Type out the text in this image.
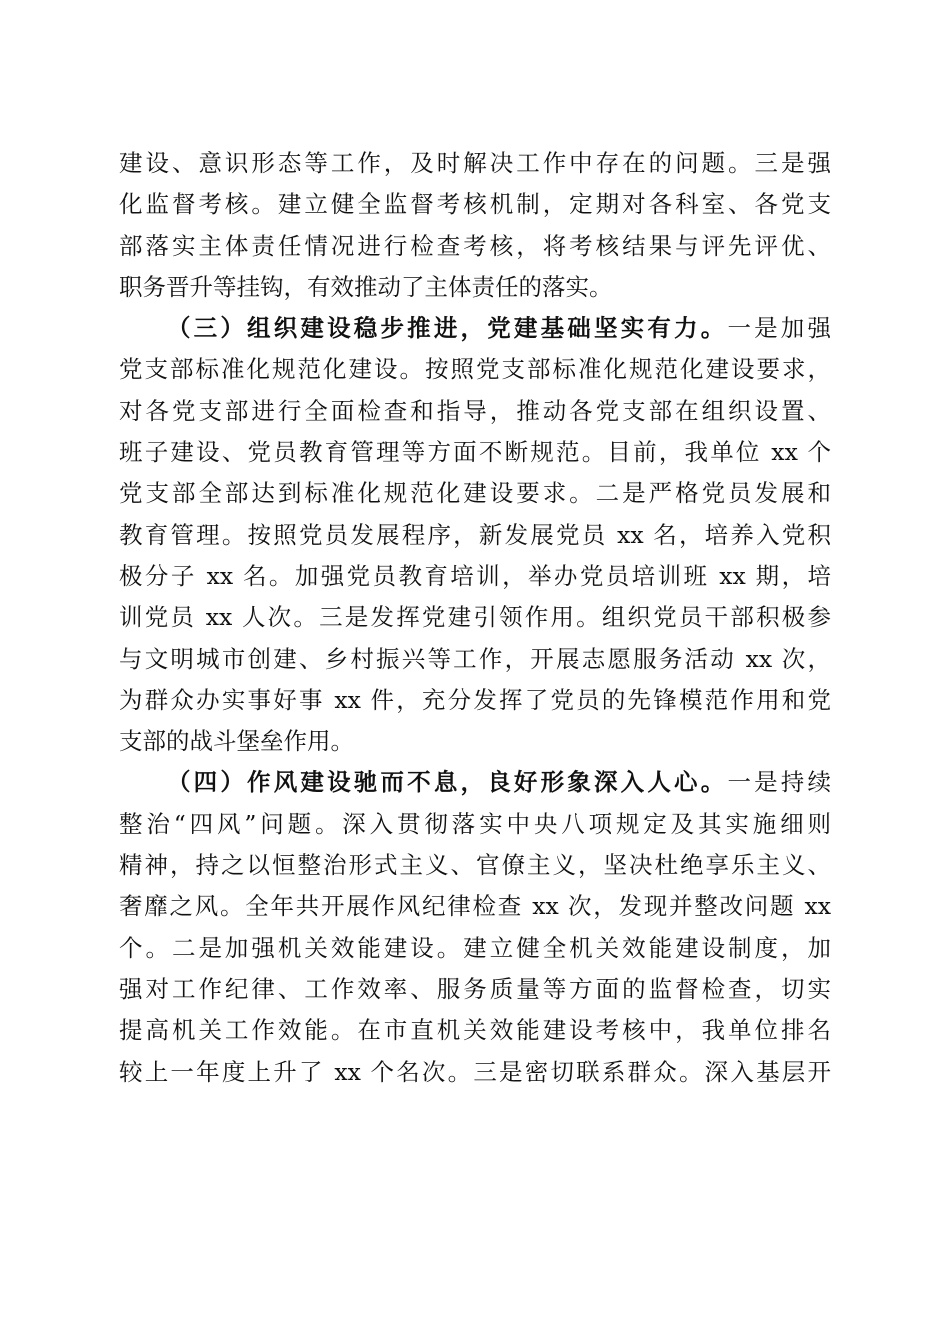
建设、意识形态等工作，及时解决工作中存在的问题。三是强
化监督考核。建立健全监督考核机制，定期对各科室、各党支
部落实主体责任情况进行检查考核，将考核结果与评先评优、
职务晋升等挂钩，有效推动了主体责任的落实。
（三）组织建设稳步推进，党建基础坚实有力。一是加强
党支部标准化规范化建设。按照党支部标准化规范化建设要求，
对各党支部进行全面检查和指导，推动各党支部在组织设置、
班子建设、党员教育管理等方面不断规范。目前，我单位 xx 个
党支部全部达到标准化规范化建设要求。二是严格党员发展和
教育管理。按照党员发展程序，新发展党员 xx 名，培养入党积
极分子 xx 名。加强党员教育培训，举办党员培训班 xx 期，培
训党员 xx 人次。三是发挥党建引领作用。组织党员干部积极参
与文明城市创建、乡村振兴等工作，开展志愿服务活动 xx 次，
为群众办实事好事 xx 件，充分发挥了党员的先锋模范作用和党
支部的战斗堡垒作用。
（四）作风建设驰而不息，良好形象深入人心。一是持续
整治“四风”问题。深入贯彻落实中央八项规定及其实施细则
精神，持之以恒整治形式主义、官僚主义，坚决杜绝享乐主义、
奢靡之风。全年共开展作风纪律检查 xx 次，发现并整改问题 xx
个。二是加强机关效能建设。建立健全机关效能建设制度，加
强对工作纪律、工作效率、服务质量等方面的监督检查，切实
提高机关工作效能。在市直机关效能建设考核中，我单位排名
较上一年度上升了 xx 个名次。三是密切联系群众。深入基层开
